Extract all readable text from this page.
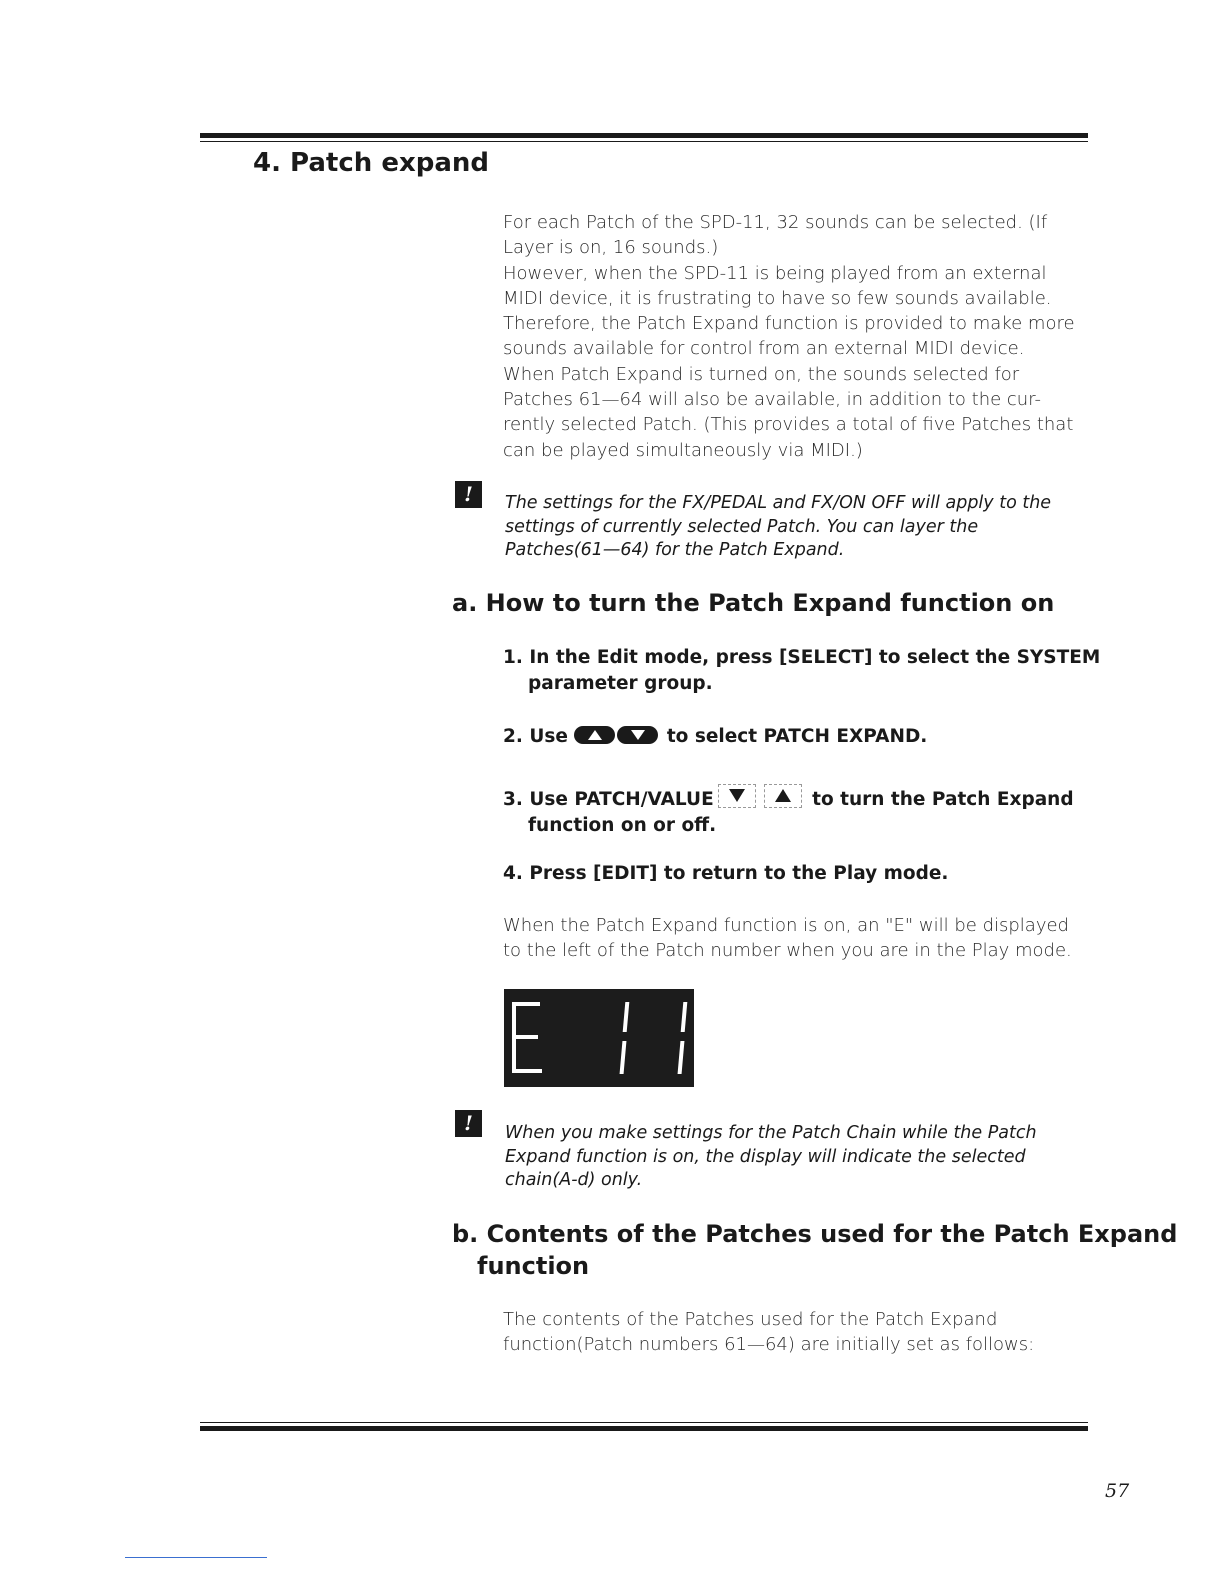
4. Patch expand

For each Patch of the SPD-11, 32 sounds can be selected. (If
Layer is on, 16 sounds.)
However, when the SPD-11 is being played from an external
MIDI device, it is frustrating to have so few sounds available.
Therefore, the Patch Expand function is provided to make more
sounds available for control from an external MIDI device.
When Patch Expand is turned on, the sounds selected for
Patches 61—64 will also be available, in addition to the cur-
rently selected Patch. (This provides a total of five Patches that
can be played simultaneously via MIDI.)

!	The settings for the FX/PEDAL and FX/ON OFF will apply to the
settings of currently selected Patch. You can layer the
Patches(61—64) for the Patch Expand.

a. How to turn the Patch Expand function on

1. In the Edit mode, press [SELECT] to select the SYSTEM
parameter group.

2. Use	to select PATCH EXPAND.

3. Use PATCH/VALUE	to turn the Patch Expand
function on or off.

4. Press [EDIT] to return to the Play mode.

When the Patch Expand function is on, an "E" will be displayed
to the left of the Patch number when you are in the Play mode.

!	When you make settings for the Patch Chain while the Patch
Expand function is on, the display will indicate the selected
chain(A-d) only.

b. Contents of the Patches used for the Patch Expand
function

The contents of the Patches used for the Patch Expand
function(Patch numbers 61—64) are initially set as follows:

57
